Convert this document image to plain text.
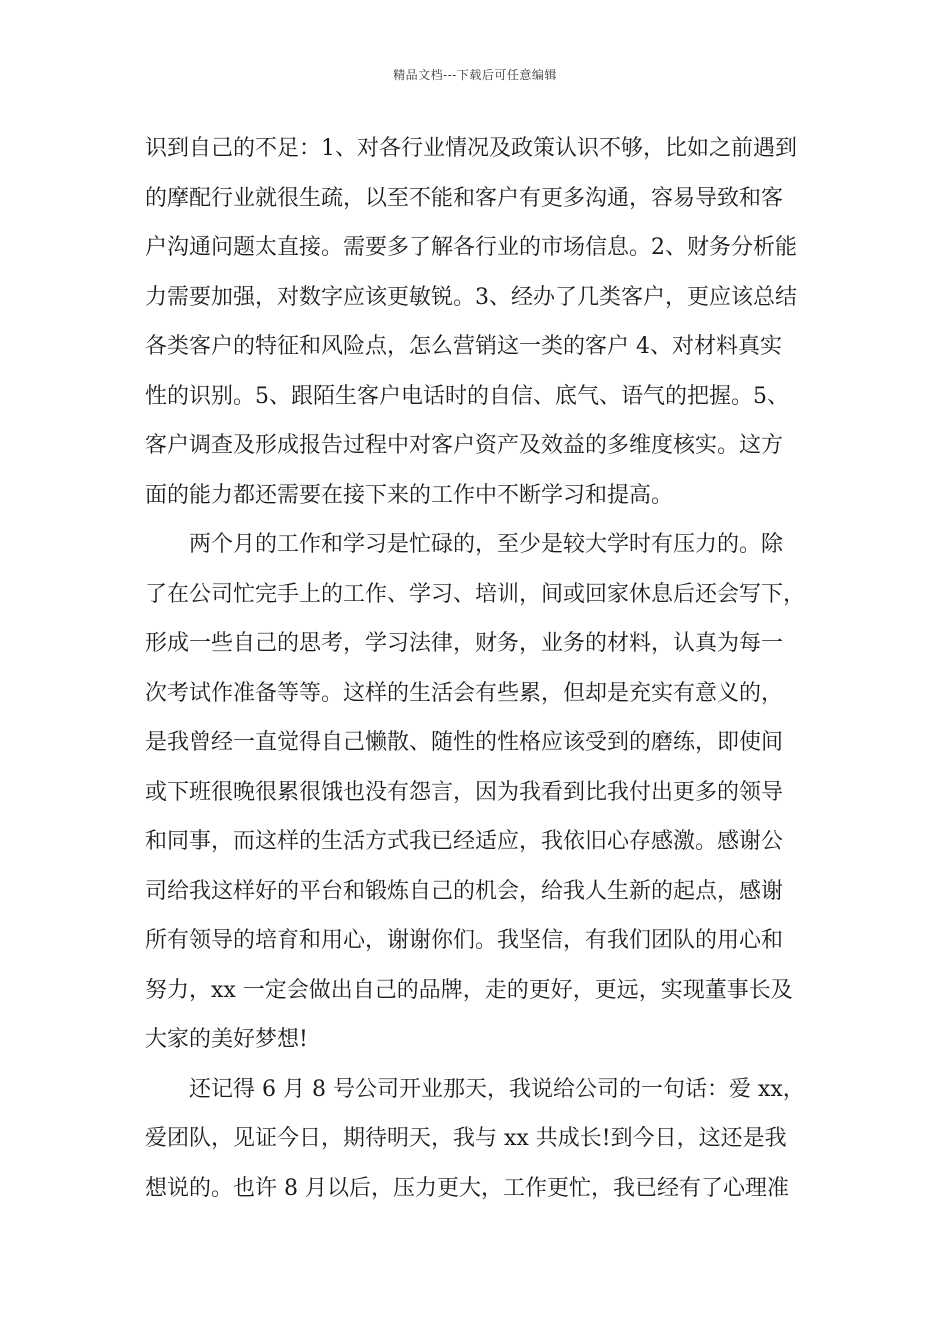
精品文档---下载后可任意编辑
识到自己的不足：1、对各行业情况及政策认识不够，比如之前遇到
的摩配行业就很生疏，以至不能和客户有更多沟通，容易导致和客
户沟通问题太直接。需要多了解各行业的市场信息。2、财务分析能
力需要加强，对数字应该更敏锐。3、经办了几类客户，更应该总结
各类客户的特征和风险点，怎么营销这一类的客户 4、对材料真实
性的识别。5、跟陌生客户电话时的自信、底气、语气的把握。5、
客户调查及形成报告过程中对客户资产及效益的多维度核实。这方
面的能力都还需要在接下来的工作中不断学习和提高。
两个月的工作和学习是忙碌的，至少是较大学时有压力的。除
了在公司忙完手上的工作、学习、培训，间或回家休息后还会写下，
形成一些自己的思考，学习法律，财务，业务的材料，认真为每一
次考试作准备等等。这样的生活会有些累，但却是充实有意义的，
是我曾经一直觉得自己懒散、随性的性格应该受到的磨练，即使间
或下班很晚很累很饿也没有怨言，因为我看到比我付出更多的领导
和同事，而这样的生活方式我已经适应，我依旧心存感激。感谢公
司给我这样好的平台和锻炼自己的机会，给我人生新的起点，感谢
所有领导的培育和用心，谢谢你们。我坚信，有我们团队的用心和
努力，xx 一定会做出自己的品牌，走的更好，更远，实现董事长及
大家的美好梦想!
还记得 6 月 8 号公司开业那天，我说给公司的一句话：爱 xx，
爱团队，见证今日，期待明天，我与 xx 共成长!到今日，这还是我
想说的。也许 8 月以后，压力更大，工作更忙，我已经有了心理准
